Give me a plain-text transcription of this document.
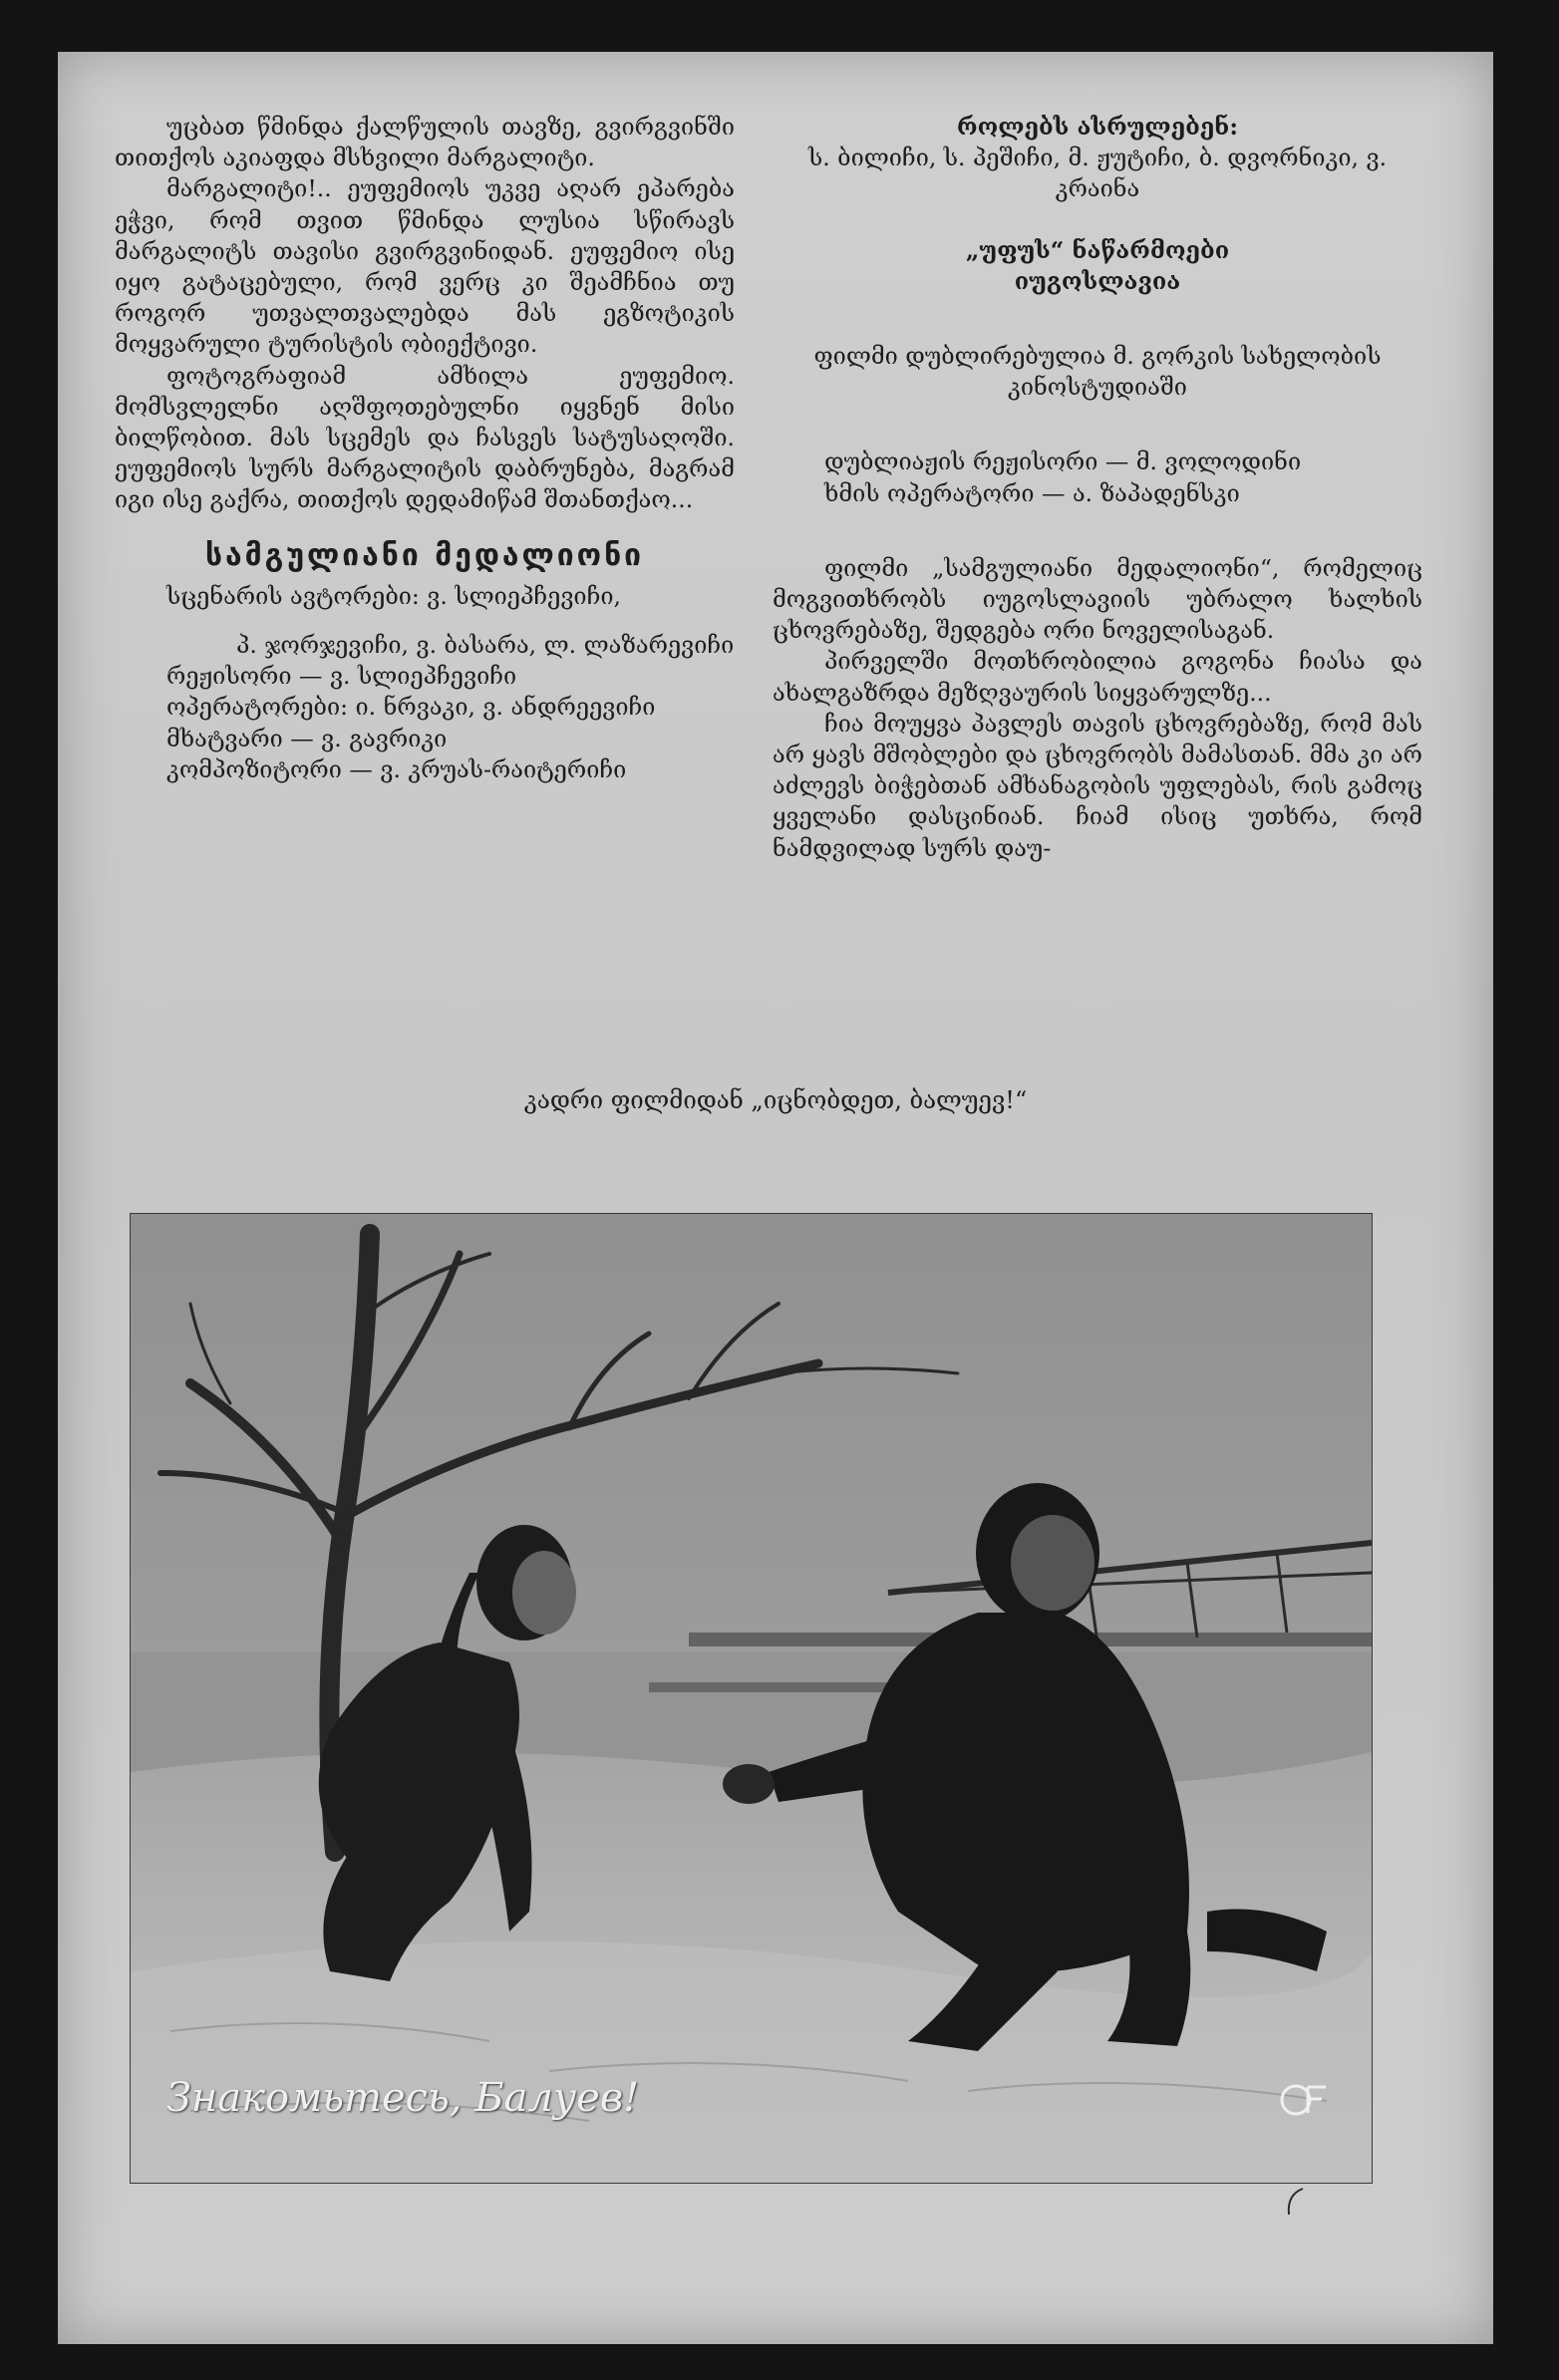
უცბათ წმინდა ქალწულის თავზე, გვირგვინში თითქოს აკიაფდა მსხვილი მარგალიტი.

მარგალიტი!.. ეუფემიოს უკვე აღარ ეპარება ეჭვი, რომ თვით წმინდა ლუსია სწირავს მარგალიტს თავისი გვირგვინიდან. ეუფემიო ისე იყო გატაცებული, რომ ვერც კი შეამჩნია თუ როგორ უთვალთვალებდა მას ეგზოტიკის მოყვარული ტურისტის ობიექტივი.

ფოტოგრაფიამ ამხილა ეუფემიო. მომსვლელნი აღშფოთებულნი იყვნენ მისი ბილწობით. მას სცემეს და ჩასვეს სატუსაღოში. ეუფემიოს სურს მარგალიტის დაბრუნება, მაგრამ იგი ისე გაქრა, თითქოს დედამიწამ შთანთქაო...

სამგულიანი მედალიონი

სცენარის ავტორები: ვ. სლიეპჩევიჩი,

პ. ჯორჯევიჩი, ვ. ბასარა, ლ. ლაზარევიჩი

რეჟისორი — ვ. სლიეპჩევიჩი

ოპერატორები: ი. ნრვაკი, ვ. ანდრეევიჩი

მხატვარი — ვ. გავრიკი

კომპოზიტორი — ვ. კრუას-რაიტერიჩი

როლებს ასრულებენ:

ს. ბილიჩი, ს. პეშიჩი, მ. ჟუტიჩი, ბ. დვორნიკი, ვ. კრაინა

„უფუს“ ნაწარმოები

იუგოსლავია

ფილმი დუბლირებულია მ. გორკის სახელობის კინოსტუდიაში

დუბლიაჟის რეჟისორი — მ. ვოლოდინი

ხმის ოპერატორი — ა. ზაპადენსკი

ფილმი „სამგულიანი მედალიონი“, რომელიც მოგვითხრობს იუგოსლავიის უბრალო ხალხის ცხოვრებაზე, შედგება ორი ნოველისაგან.

პირველში მოთხრობილია გოგონა ჩიასა და ახალგაზრდა მეზღვაურის სიყვარულზე...

ჩია მოუყვა პავლეს თავის ცხოვრებაზე, რომ მას არ ყავს მშობლები და ცხოვრობს მამასთან. მმა კი არ აძლევს ბიჭებთან ამხანაგობის უფლებას, რის გამოც ყველანი დასცინიან. ჩიამ ისიც უთხრა, რომ ნამდვილად სურს დაუ-

კადრი ფილმიდან „იცნობდეთ, ბალუევ!“
Знакомьтесь, Балуев!
